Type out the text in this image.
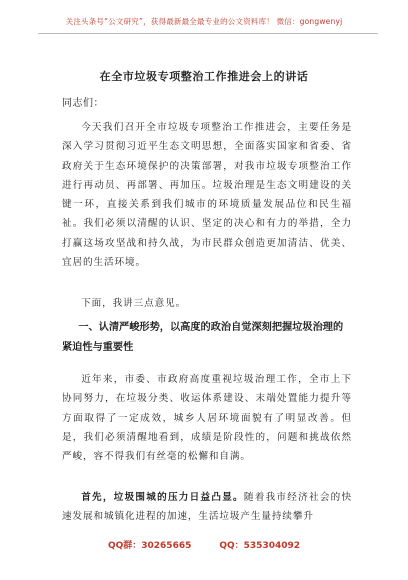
关注头条号“公文研究”，获得最新最全最专业的公文资料库！ 微信：gongwenyj
在全市垃圾专项整治工作推进会上的讲话
同志们：

今天我们召开全市垃圾专项整治工作推进会，主要任务是深入学习贯彻习近平生态文明思想，全面落实国家和省委、省政府关于生态环境保护的决策部署，对我市垃圾专项整治工作进行再动员、再部署、再加压。垃圾治理是生态文明建设的关键一环，直接关系到我们城市的环境质量发展品位和民生福祉。我们必须以清醒的认识、坚定的决心和有力的举措，全力打赢这场攻坚战和持久战，为市民群众创造更加清洁、优美、宜居的生活环境。

下面，我讲三点意见。

一、认清严峻形势，以高度的政治自觉深刻把握垃圾治理的紧迫性与重要性

近年来，市委、市政府高度重视垃圾治理工作，全市上下协同努力，在垃圾分类、收运体系建设、末端处置能力提升等方面取得了一定成效，城乡人居环境面貌有了明显改善。但是，我们必须清醒地看到，成绩是阶段性的，问题和挑战依然严峻，容不得我们有丝毫的松懈和自满。

首先，垃圾围城的压力日益凸显。随着我市经济社会的快速发展和城镇化进程的加速，生活垃圾产生量持续攀升

QQ群：30265665	QQ：535304092
